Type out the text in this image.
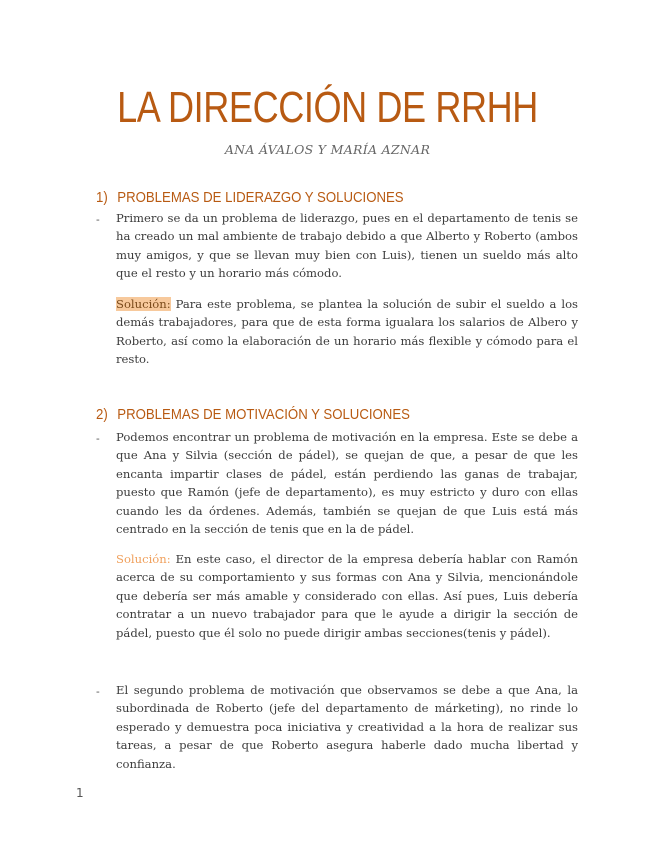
LA DIRECCIÓN DE RRHH
ANA ÁVALOS Y MARÍA AZNAR
1) PROBLEMAS DE LIDERAZGO Y SOLUCIONES
- Primero se da un problema de liderazgo, pues en el departamento de tenis se ha creado un mal ambiente de trabajo debido a que Alberto y Roberto (ambos muy amigos, y que se llevan muy bien con Luis), tienen un sueldo más alto que el resto y un horario más cómodo.
Solución: Para este problema, se plantea la solución de subir el sueldo a los demás trabajadores, para que de esta forma igualara los salarios de Albero y Roberto, así como la elaboración de un horario más flexible y cómodo para el resto.
2) PROBLEMAS DE MOTIVACIÓN Y SOLUCIONES
- Podemos encontrar un problema de motivación en la empresa. Este se debe a que Ana y Silvia (sección de pádel), se quejan de que, a pesar de que les encanta impartir clases de pádel, están perdiendo las ganas de trabajar, puesto que Ramón (jefe de departamento), es muy estricto y duro con ellas cuando les da órdenes. Además, también se quejan de que Luis está más centrado en la sección de tenis que en la de pádel.
Solución: En este caso, el director de la empresa debería hablar con Ramón acerca de su comportamiento y sus formas con Ana y Silvia, mencionándole que debería ser más amable y considerado con ellas. Así pues, Luis debería contratar a un nuevo trabajador para que le ayude a dirigir la sección de pádel, puesto que él solo no puede dirigir ambas secciones(tenis y pádel).
- El segundo problema de motivación que observamos se debe a que Ana, la subordinada de Roberto (jefe del departamento de márketing), no rinde lo esperado y demuestra poca iniciativa y creatividad a la hora de realizar sus tareas, a pesar de que Roberto asegura haberle dado mucha libertad y confianza.
1
